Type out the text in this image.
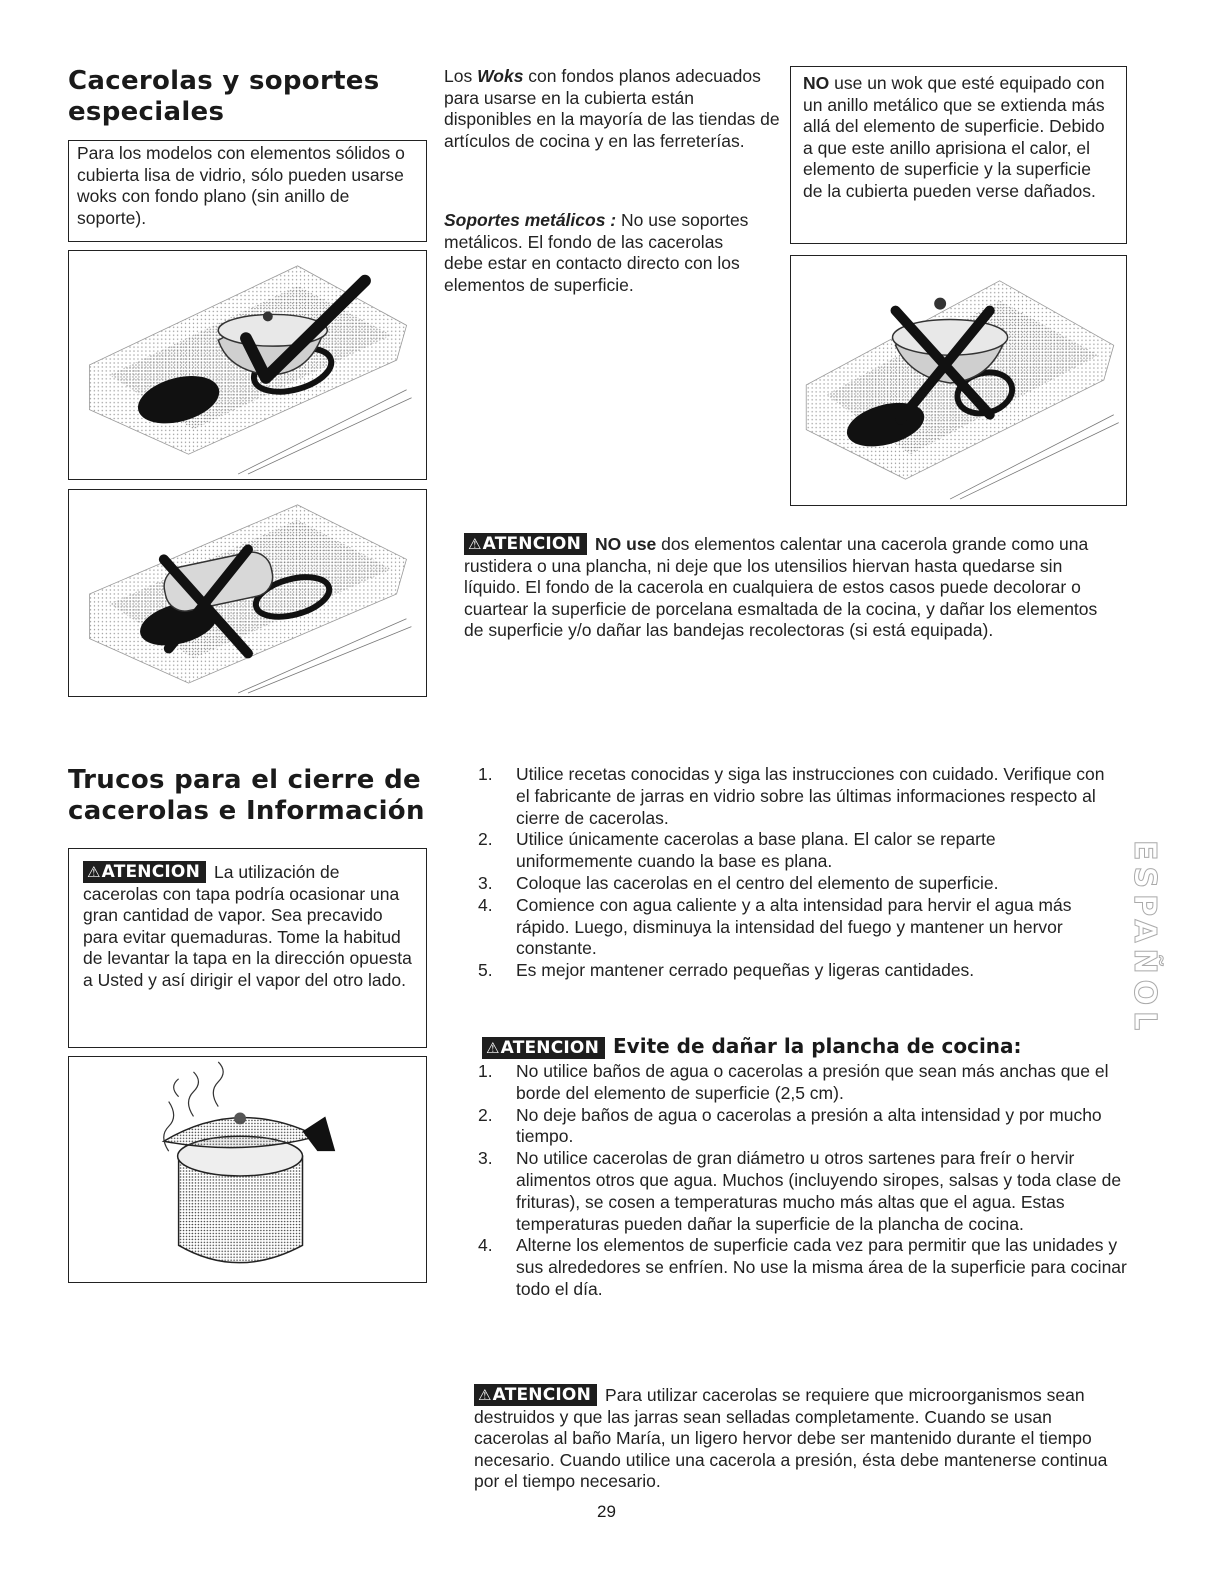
Cacerolas y soportes
especiales
Para los modelos con elementos sólidos o cubierta lisa de vidrio, sólo pueden usarse woks con fondo plano (sin anillo de soporte).
Los Woks con fondos planos adecuados para usarse en la cubierta están disponibles en la mayoría de las tiendas de artículos de cocina y en las ferreterías.
Soportes metálicos : No use soportes metálicos. El fondo de las cacerolas debe estar en contacto directo con los elementos de superficie.
NO use un wok que esté equipado con un anillo metálico que se extienda más allá del elemento de superficie. Debido a que este anillo aprisiona el calor, el elemento de superficie y la superficie de la cubierta pueden verse dañados.
⚠ATENCION NO use dos elementos calentar una cacerola grande como una rustidera o una plancha, ni deje que los utensilios hiervan hasta quedarse sin líquido. El fondo de la cacerola en cualquiera de estos casos puede decolorar o cuartear la superficie de porcelana esmaltada de la cocina, y dañar los elementos de superficie y/o dañar las bandejas recolectoras (si está equipada).
Trucos para el cierre de
cacerolas e Información
⚠ATENCION La utilización de cacerolas con tapa podría ocasionar una gran cantidad de vapor. Sea precavido para evitar quemaduras. Tome la habitud de levantar la tapa en la dirección opuesta a Usted y así dirigir el vapor del otro lado.
1. Utilice recetas conocidas y siga las instrucciones con cuidado. Verifique con el fabricante de jarras en vidrio sobre las últimas informaciones respecto al cierre de cacerolas.
2. Utilice únicamente cacerolas a base plana. El calor se reparte uniformemente cuando la base es plana.
3. Coloque las cacerolas en el centro del elemento de superficie.
4. Comience con agua caliente y a alta intensidad para hervir el agua más rápido. Luego, disminuya la intensidad del fuego y mantener un hervor constante.
5. Es mejor mantener cerrado pequeñas y ligeras cantidades.
⚠ATENCION Evite de dañar la plancha de cocina:
1. No utilice baños de agua o cacerolas a presión que sean más anchas que el borde del elemento de superficie (2,5 cm).
2. No deje baños de agua o cacerolas a presión a alta intensidad y por mucho tiempo.
3. No utilice cacerolas de gran diámetro u otros sartenes para freír o hervir alimentos otros que agua. Muchos (incluyendo siropes, salsas y toda clase de frituras), se cosen a temperaturas mucho más altas que el agua. Estas temperaturas pueden dañar la superficie de la plancha de cocina.
4. Alterne los elementos de superficie cada vez para permitir que las unidades y sus alrededores se enfríen. No use la misma área de la superficie para cocinar todo el día.
⚠ATENCION Para utilizar cacerolas se requiere que microorganismos sean destruidos y que las jarras sean selladas completamente. Cuando se usan cacerolas al baño María, un ligero hervor debe ser mantenido durante el tiempo necesario. Cuando utilice una cacerola a presión, ésta debe mantenerse continua por el tiempo necesario.
ESPAÑOL
29
